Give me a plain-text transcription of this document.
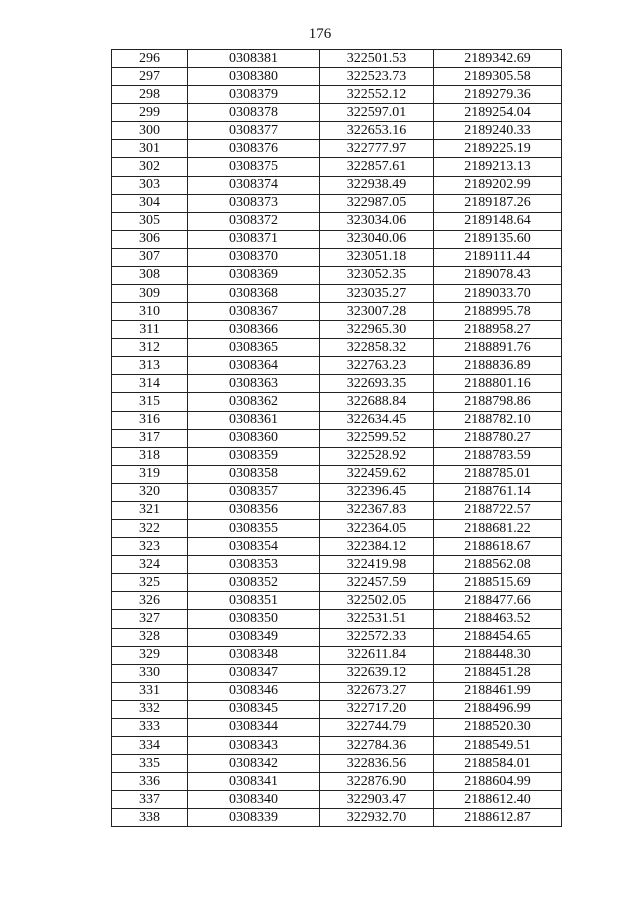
176
296	0308381	322501.53	2189342.69
297	0308380	322523.73	2189305.58
298	0308379	322552.12	2189279.36
299	0308378	322597.01	2189254.04
300	0308377	322653.16	2189240.33
301	0308376	322777.97	2189225.19
302	0308375	322857.61	2189213.13
303	0308374	322938.49	2189202.99
304	0308373	322987.05	2189187.26
305	0308372	323034.06	2189148.64
306	0308371	323040.06	2189135.60
307	0308370	323051.18	2189111.44
308	0308369	323052.35	2189078.43
309	0308368	323035.27	2189033.70
310	0308367	323007.28	2188995.78
311	0308366	322965.30	2188958.27
312	0308365	322858.32	2188891.76
313	0308364	322763.23	2188836.89
314	0308363	322693.35	2188801.16
315	0308362	322688.84	2188798.86
316	0308361	322634.45	2188782.10
317	0308360	322599.52	2188780.27
318	0308359	322528.92	2188783.59
319	0308358	322459.62	2188785.01
320	0308357	322396.45	2188761.14
321	0308356	322367.83	2188722.57
322	0308355	322364.05	2188681.22
323	0308354	322384.12	2188618.67
324	0308353	322419.98	2188562.08
325	0308352	322457.59	2188515.69
326	0308351	322502.05	2188477.66
327	0308350	322531.51	2188463.52
328	0308349	322572.33	2188454.65
329	0308348	322611.84	2188448.30
330	0308347	322639.12	2188451.28
331	0308346	322673.27	2188461.99
332	0308345	322717.20	2188496.99
333	0308344	322744.79	2188520.30
334	0308343	322784.36	2188549.51
335	0308342	322836.56	2188584.01
336	0308341	322876.90	2188604.99
337	0308340	322903.47	2188612.40
338	0308339	322932.70	2188612.87
